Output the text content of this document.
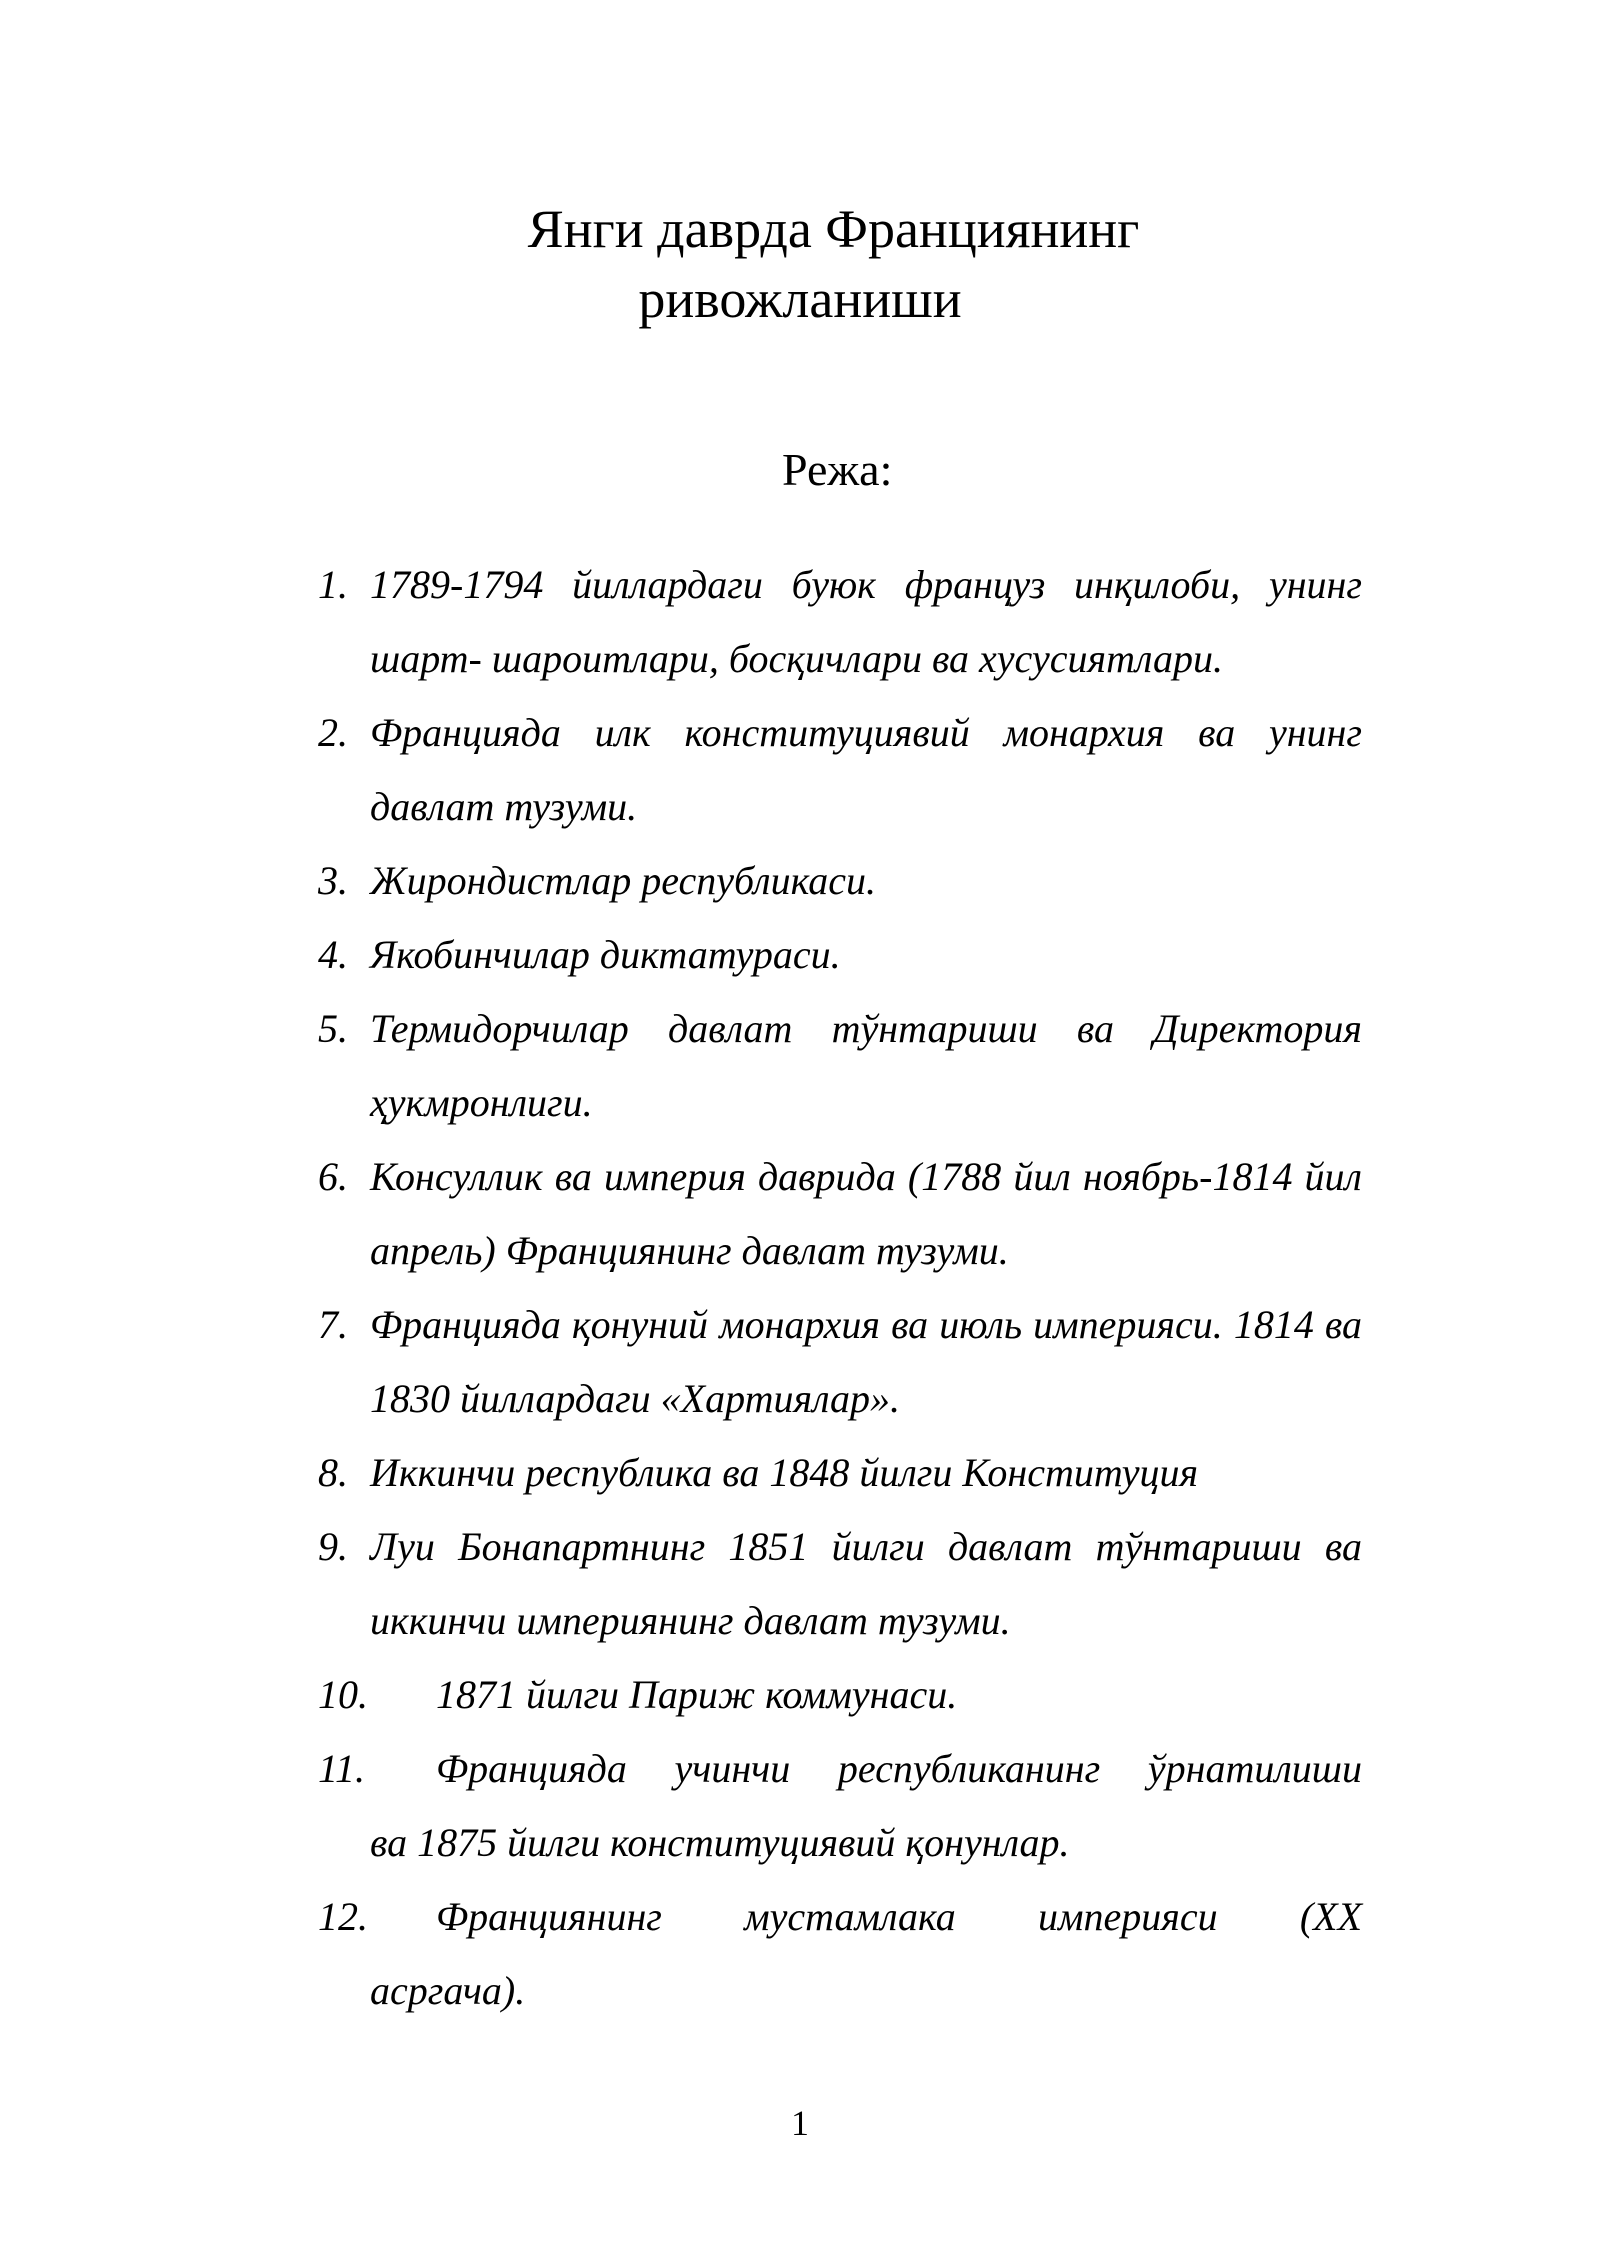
Янги даврда Франциянинг
ривожланиши
Режа:
1. 1789-1794 йиллардаги буюк француз инқилоби, унинг шарт- шароитлари, босқичлари ва хусусиятлари.
2. Францияда илк конституциявий монархия ва унинг давлат тузуми.
3. Жирондистлар республикаси.
4. Якобинчилар диктатураси.
5. Термидорчилар давлат тўнтариши ва Директория ҳукмронлиги.
6. Консуллик ва империя даврида (1788 йил ноябрь-1814 йил апрель) Франциянинг давлат тузуми.
7. Францияда қонуний монархия ва июль империяси. 1814 ва 1830 йиллардаги «Хартиялар».
8. Иккинчи республика ва 1848 йилги Конституция
9. Луи Бонапартнинг 1851 йилги давлат тўнтариши ва иккинчи империянинг давлат тузуми.
10. 1871 йилги Париж коммунаси.
11. Францияда учинчи республиканинг ўрнатилиши
ва 1875 йилги конституциявий қонунлар.
12. Франциянинг мустамлака империяси (XX
асргача).
1
